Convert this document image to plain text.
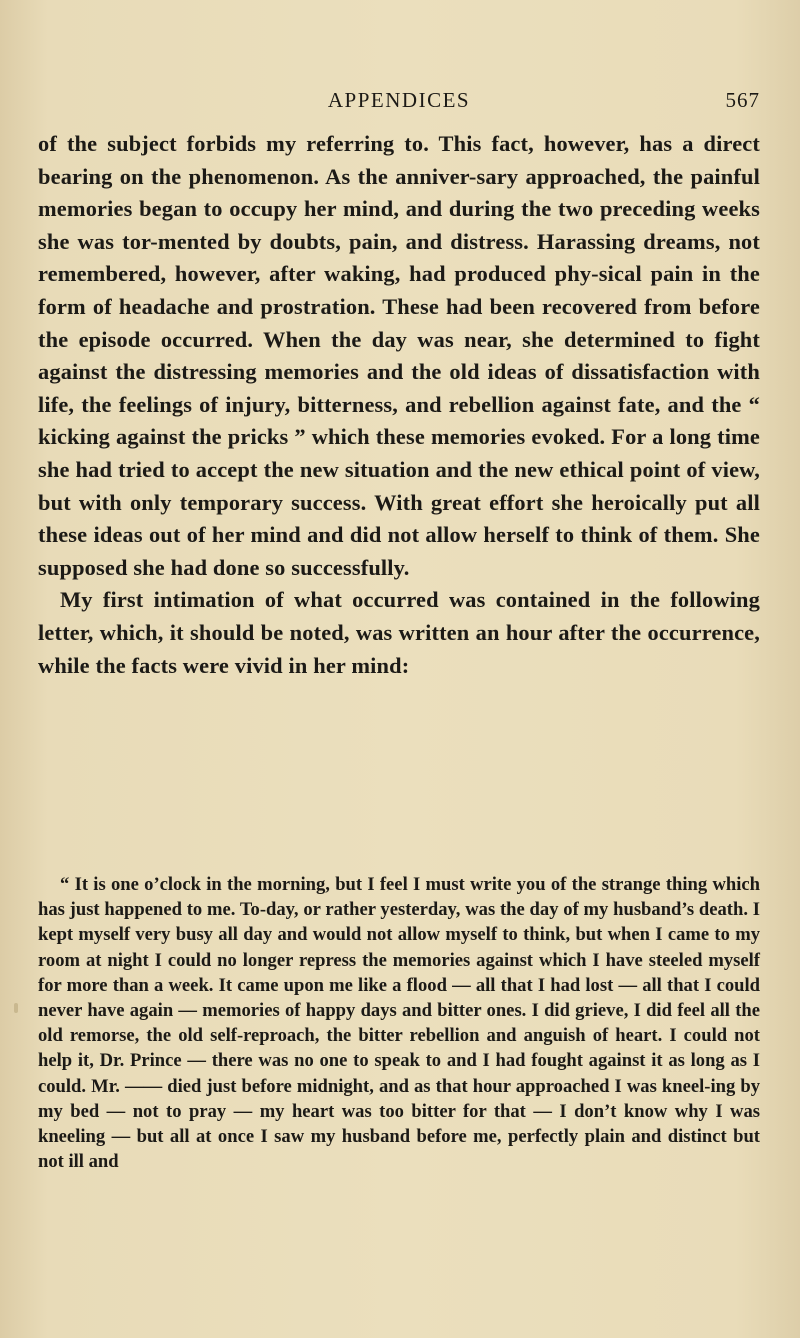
APPENDICES	567

of the subject forbids my referring to. This fact, however, has a direct bearing on the phenomenon. As the anniver-sary approached, the painful memories began to occupy her mind, and during the two preceding weeks she was tor-mented by doubts, pain, and distress. Harassing dreams, not remembered, however, after waking, had produced phy-sical pain in the form of headache and prostration. These had been recovered from before the episode occurred. When the day was near, she determined to fight against the distressing memories and the old ideas of dissatisfaction with life, the feelings of injury, bitterness, and rebellion against fate, and the “ kicking against the pricks ” which these memories evoked. For a long time she had tried to accept the new situation and the new ethical point of view, but with only temporary success. With great effort she heroically put all these ideas out of her mind and did not allow herself to think of them. She supposed she had done so successfully.

My first intimation of what occurred was contained in the following letter, which, it should be noted, was written an hour after the occurrence, while the facts were vivid in her mind:

“ It is one o’clock in the morning, but I feel I must write you of the strange thing which has just happened to me. To-day, or rather yesterday, was the day of my husband’s death. I kept myself very busy all day and would not allow myself to think, but when I came to my room at night I could no longer repress the memories against which I have steeled myself for more than a week. It came upon me like a flood — all that I had lost — all that I could never have again — memories of happy days and bitter ones. I did grieve, I did feel all the old remorse, the old self-reproach, the bitter rebellion and anguish of heart. I could not help it, Dr. Prince — there was no one to speak to and I had fought against it as long as I could. Mr. —— died just before midnight, and as that hour approached I was kneel-ing by my bed — not to pray — my heart was too bitter for that — I don’t know why I was kneeling — but all at once I saw my husband before me, perfectly plain and distinct but not ill and
